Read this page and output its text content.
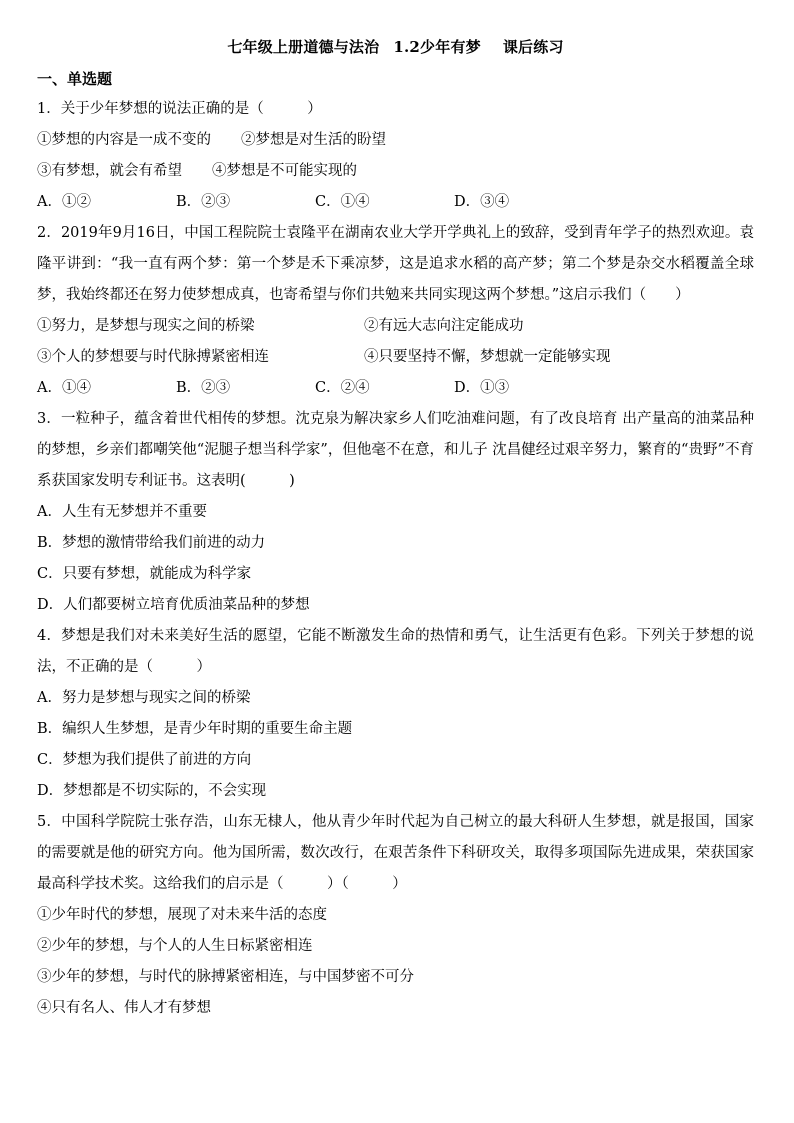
七年级上册道德与法治 1.2少年有梦 课后练习
一、单选题
1．关于少年梦想的说法正确的是（　　　）
①梦想的内容是一成不变的 ②梦想是对生活的盼望
③有梦想，就会有希望 ④梦想是不可能实现的
A．①②	B．②③	C．①④	D．③④
2．2019年9月16日，中国工程院院士袁隆平在湖南农业大学开学典礼上的致辞，受到青年学子的热烈欢迎。袁隆平讲到：“我一直有两个梦：第一个梦是禾下乘凉梦，这是追求水稻的高产梦；第二个梦是杂交水稻覆盖全球梦，我始终都还在努力使梦想成真，也寄希望与你们共勉来共同实现这两个梦想。”这启示我们（　　）
①努力，是梦想与现实之间的桥梁	②有远大志向注定能成功
③个人的梦想要与时代脉搏紧密相连	④只要坚持不懈，梦想就一定能够实现
A．①④	B．②③	C．②④	D．①③
3．一粒种子，蕴含着世代相传的梦想。沈克泉为解决家乡人们吃油难问题，有了改良培育 出产量高的油菜品种的梦想，乡亲们都嘲笑他“泥腿子想当科学家”，但他毫不在意，和儿子 沈昌健经过艰辛努力，繁育的“贵野”不育系获国家发明专利证书。这表明(　　　)
A．人生有无梦想并不重要
B．梦想的激情带给我们前进的动力
C．只要有梦想，就能成为科学家
D．人们都要树立培育优质油菜品种的梦想
4．梦想是我们对未来美好生活的愿望，它能不断激发生命的热情和勇气，让生活更有色彩。下列关于梦想的说法，不正确的是（　　　）
A．努力是梦想与现实之间的桥梁
B．编织人生梦想，是青少年时期的重要生命主题
C．梦想为我们提供了前进的方向
D．梦想都是不切实际的，不会实现
5．中国科学院院士张存浩，山东无棣人，他从青少年时代起为自己树立的最大科研人生梦想，就是报国，国家的需要就是他的研究方向。他为国所需，数次改行，在艰苦条件下科研攻关，取得多项国际先进成果，荣获国家最高科学技术奖。这给我们的启示是（　　　）（　　　）
①少年时代的梦想，展现了对未来牛活的态度
②少年的梦想，与个人的人生日标紧密相连
③少年的梦想，与时代的脉搏紧密相连，与中国梦密不可分
④只有名人、伟人才有梦想
